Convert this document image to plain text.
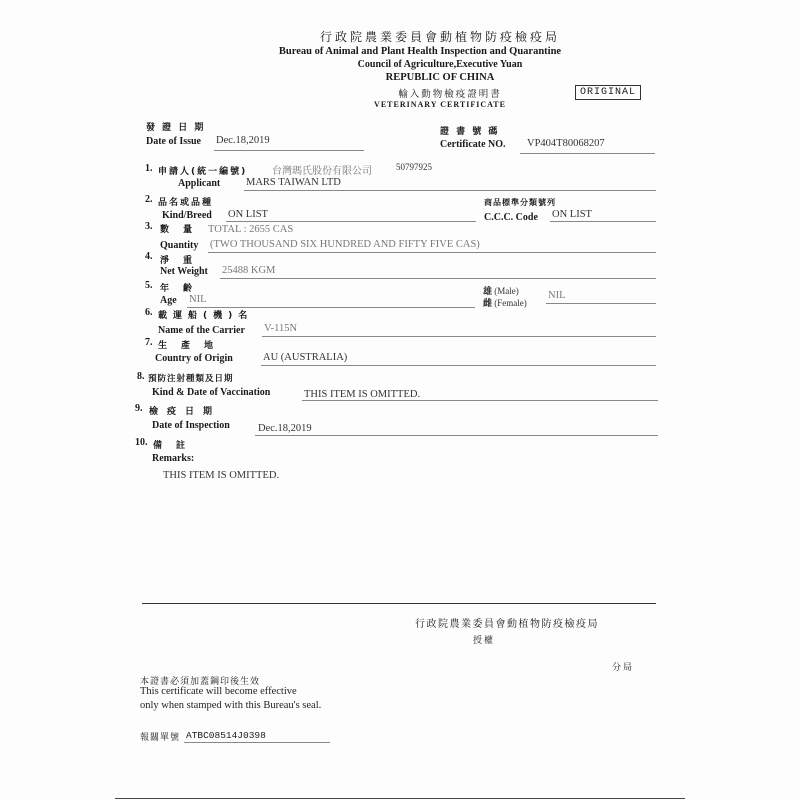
行政院農業委員會動植物防疫檢疫局
Bureau of Animal and Plant Health Inspection and Quarantine
Council of Agriculture,Executive Yuan
REPUBLIC OF CHINA
輸入動物檢疫證明書
VETERINARY CERTIFICATE
ORIGINAL
發 證 日 期
Date of Issue Dec.18,2019
證 書 號 碼
Certificate NO. VP404T80068207
1. 申請人(統一編號) 台灣瑪氏股份有限公司	50797925
Applicant MARS TAIWAN LTD
2. 品名或品種
Kind/Breed ON LIST
商品標準分類號列
C.C.C. Code ON LIST
3. 數量 TOTAL : 2655 CAS
Quantity (TWO THOUSAND SIX HUNDRED AND FIFTY FIVE CAS)
4. 淨重
Net Weight 25488 KGM
5. 年齡
Age NIL
雄 (Male)
雌 (Female)
NIL
6. 載運船(機)名
Name of the Carrier V-115N
7. 生產地
Country of Origin	AU (AUSTRALIA)
8. 預防注射種類及日期
Kind & Date of Vaccination	THIS ITEM IS OMITTED.
9. 檢疫日期
Date of Inspection	Dec.18,2019
10. 備註
Remarks:
THIS ITEM IS OMITTED.
行政院農業委員會動植物防疫檢疫局
授權
分局
本證書必須加蓋鋼印後生效
This certificate will become effective
only when stamped with this Bureau's seal.
報關單號 ATBC08514J0398
